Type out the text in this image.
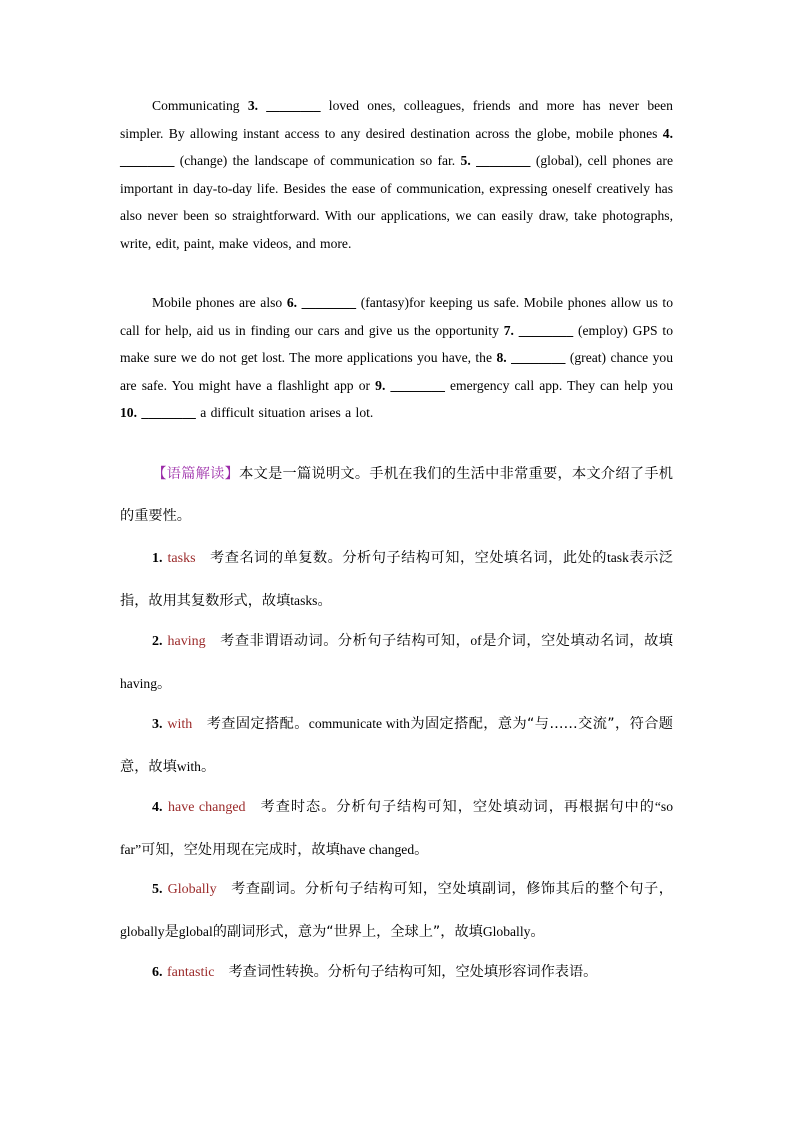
Communicating 3. ________ loved ones, colleagues, friends and more has never been simpler. By allowing instant access to any desired destination across the globe, mobile phones 4. ________ (change) the landscape of communication so far. 5. ________ (global), cell phones are important in day-to-day life. Besides the ease of communication, expressing oneself creatively has also never been so straightforward. With our applications, we can easily draw, take photographs, write, edit, paint, make videos, and more.

Mobile phones are also 6. ________ (fantasy)for keeping us safe. Mobile phones allow us to call for help, aid us in finding our cars and give us the opportunity 7. ________ (employ) GPS to make sure we do not get lost. The more applications you have, the 8. ________ (great) chance you are safe. You might have a flashlight app or 9. ________ emergency call app. They can help you 10. ________ a difficult situation arises a lot.

【语篇解读】本文是一篇说明文。手机在我们的生活中非常重要，本文介绍了手机的重要性。

1. tasks 考查名词的单复数。分析句子结构可知，空处填名词，此处的task表示泛指，故用其复数形式，故填tasks。

2. having 考查非谓语动词。分析句子结构可知，of是介词，空处填动名词，故填having。

3. with 考查固定搭配。communicate with为固定搭配，意为“与……交流”，符合题意，故填with。

4. have changed 考查时态。分析句子结构可知，空处填动词，再根据句中的“so far”可知，空处用现在完成时，故填have changed。

5. Globally 考查副词。分析句子结构可知，空处填副词，修饰其后的整个句子，globally是global的副词形式，意为“世界上，全球上”，故填Globally。

6. fantastic 考查词性转换。分析句子结构可知，空处填形容词作表语。
